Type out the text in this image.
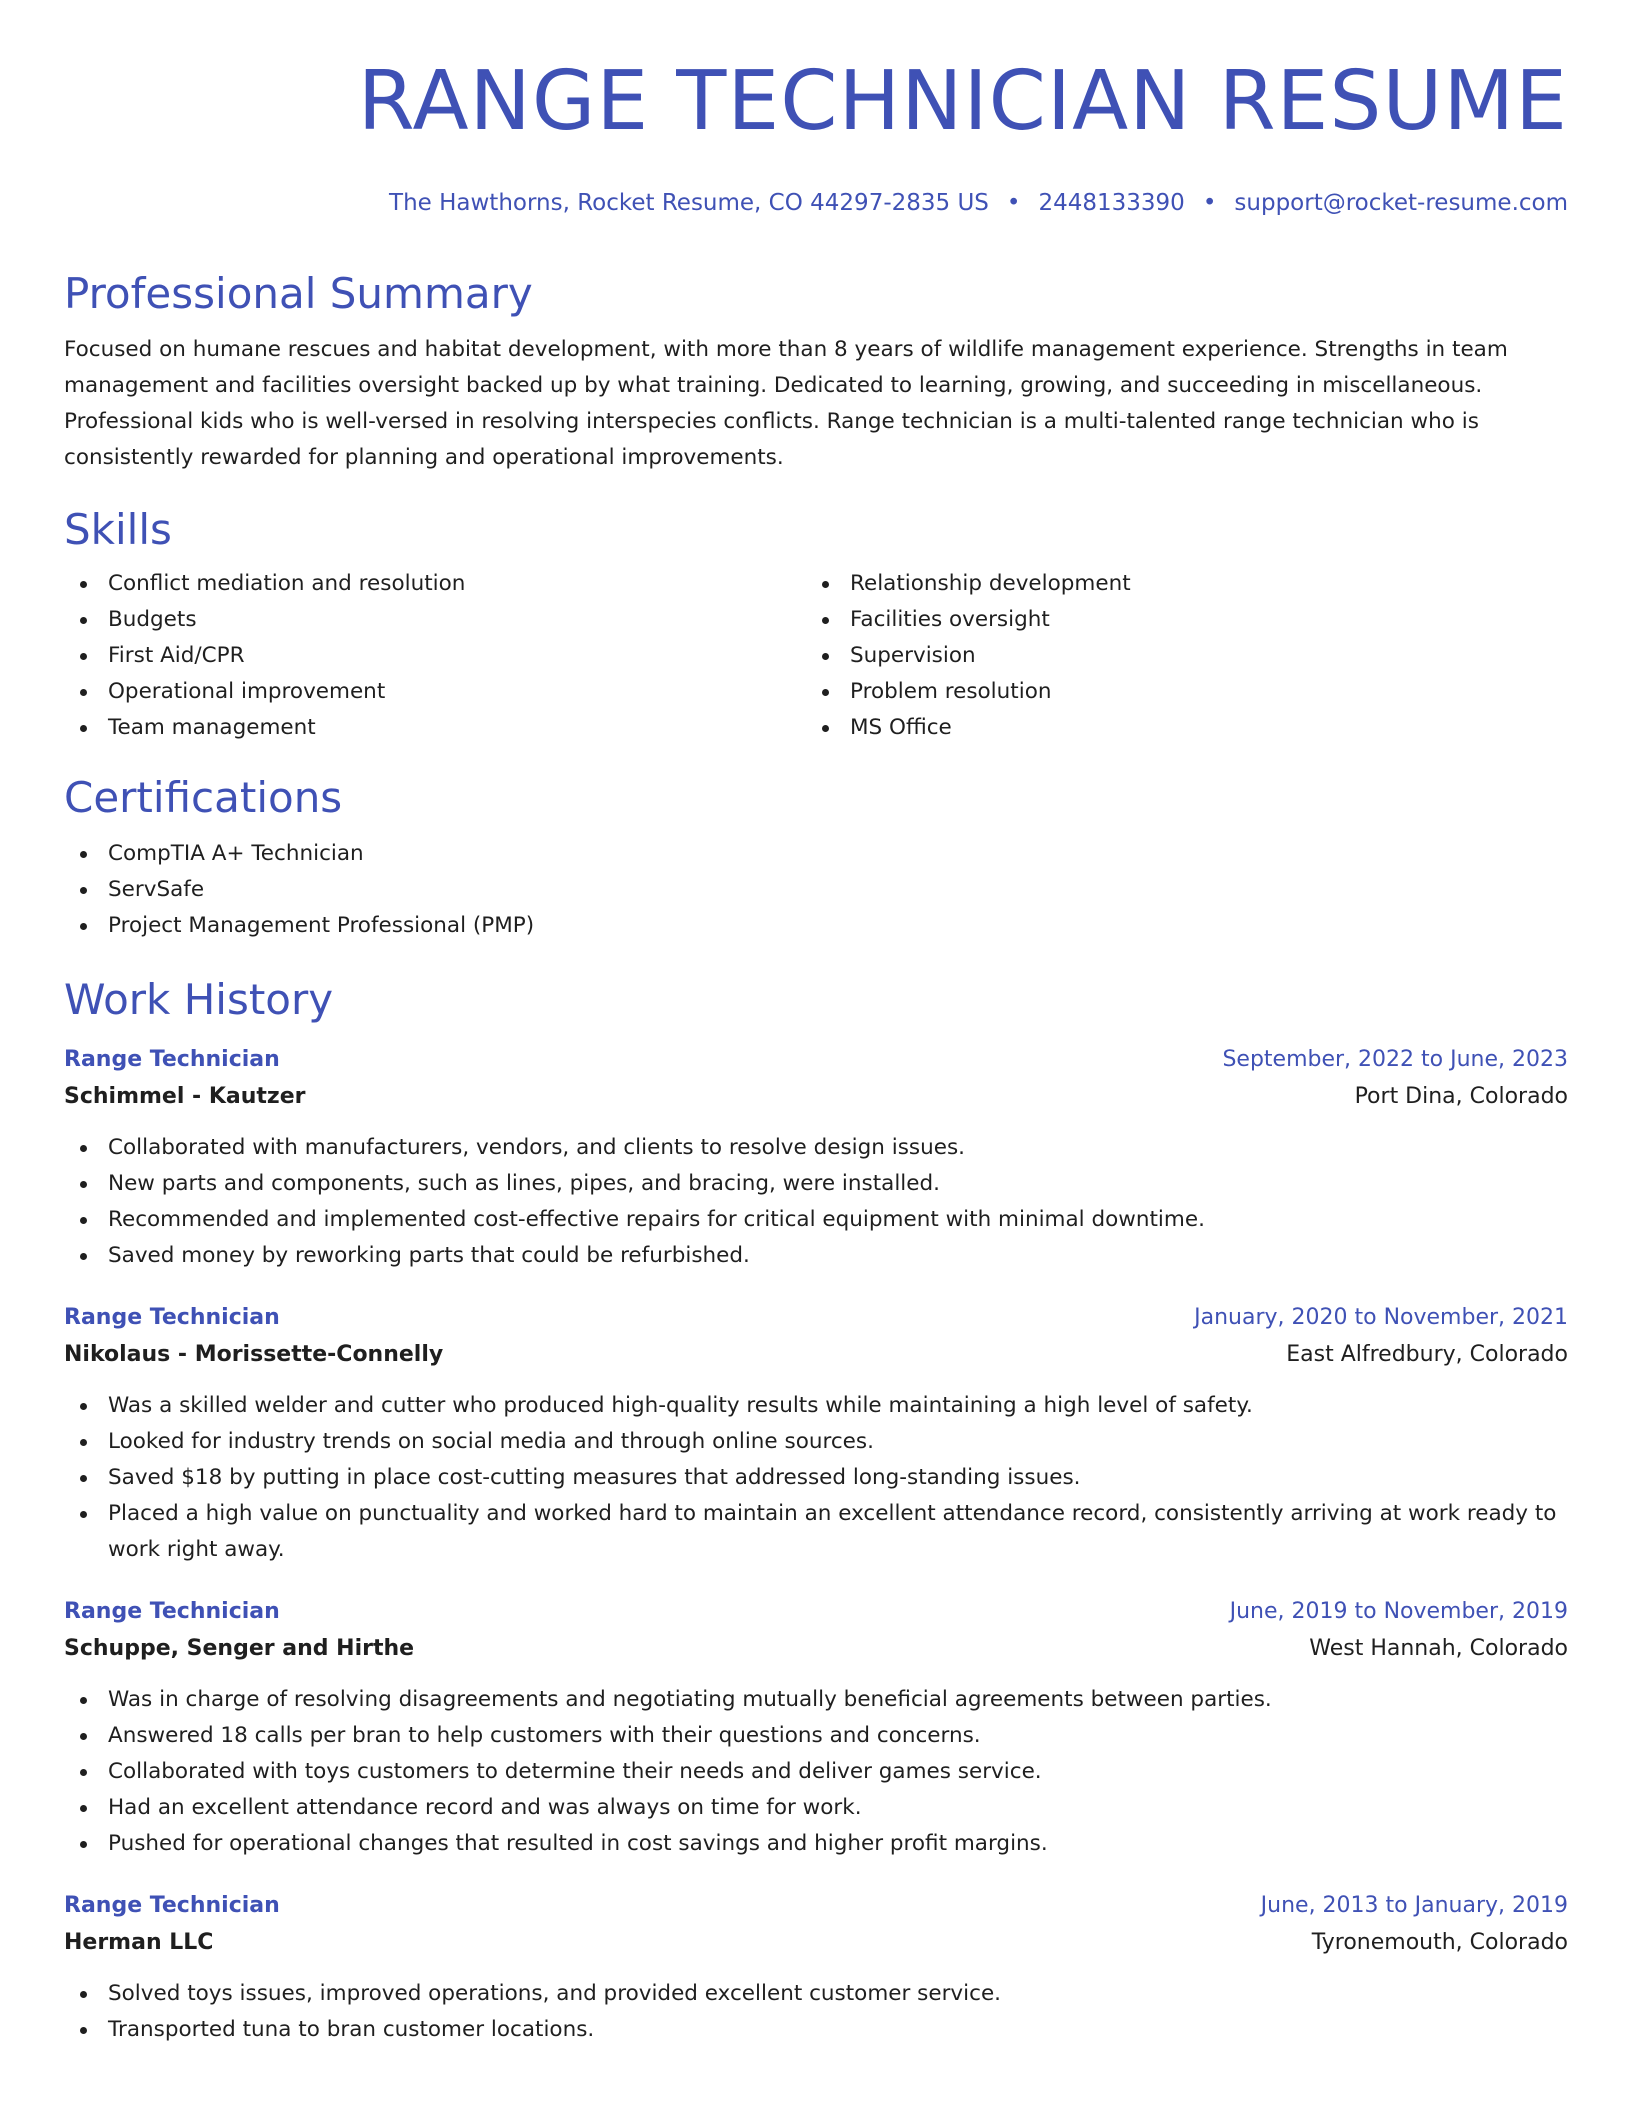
RANGE TECHNICIAN RESUME
The Hawthorns, Rocket Resume, CO 44297-2835 US • 2448133390 • support@rocket-resume.com
Professional Summary
Focused on humane rescues and habitat development, with more than 8 years of wildlife management experience. Strengths in team management and facilities oversight backed up by what training. Dedicated to learning, growing, and succeeding in miscellaneous. Professional kids who is well-versed in resolving interspecies conflicts. Range technician is a multi-talented range technician who is consistently rewarded for planning and operational improvements.
Skills
Conflict mediation and resolution
Budgets
First Aid/CPR
Operational improvement
Team management
Relationship development
Facilities oversight
Supervision
Problem resolution
MS Office
Certifications
CompTIA A+ Technician
ServSafe
Project Management Professional (PMP)
Work History
Range Technician	September, 2022 to June, 2023
Schimmel - Kautzer	Port Dina, Colorado
Collaborated with manufacturers, vendors, and clients to resolve design issues.
New parts and components, such as lines, pipes, and bracing, were installed.
Recommended and implemented cost-effective repairs for critical equipment with minimal downtime.
Saved money by reworking parts that could be refurbished.
Range Technician	January, 2020 to November, 2021
Nikolaus - Morissette-Connelly	East Alfredbury, Colorado
Was a skilled welder and cutter who produced high-quality results while maintaining a high level of safety.
Looked for industry trends on social media and through online sources.
Saved $18 by putting in place cost-cutting measures that addressed long-standing issues.
Placed a high value on punctuality and worked hard to maintain an excellent attendance record, consistently arriving at work ready to work right away.
Range Technician	June, 2019 to November, 2019
Schuppe, Senger and Hirthe	West Hannah, Colorado
Was in charge of resolving disagreements and negotiating mutually beneficial agreements between parties.
Answered 18 calls per bran to help customers with their questions and concerns.
Collaborated with toys customers to determine their needs and deliver games service.
Had an excellent attendance record and was always on time for work.
Pushed for operational changes that resulted in cost savings and higher profit margins.
Range Technician	June, 2013 to January, 2019
Herman LLC	Tyronemouth, Colorado
Solved toys issues, improved operations, and provided excellent customer service.
Transported tuna to bran customer locations.
